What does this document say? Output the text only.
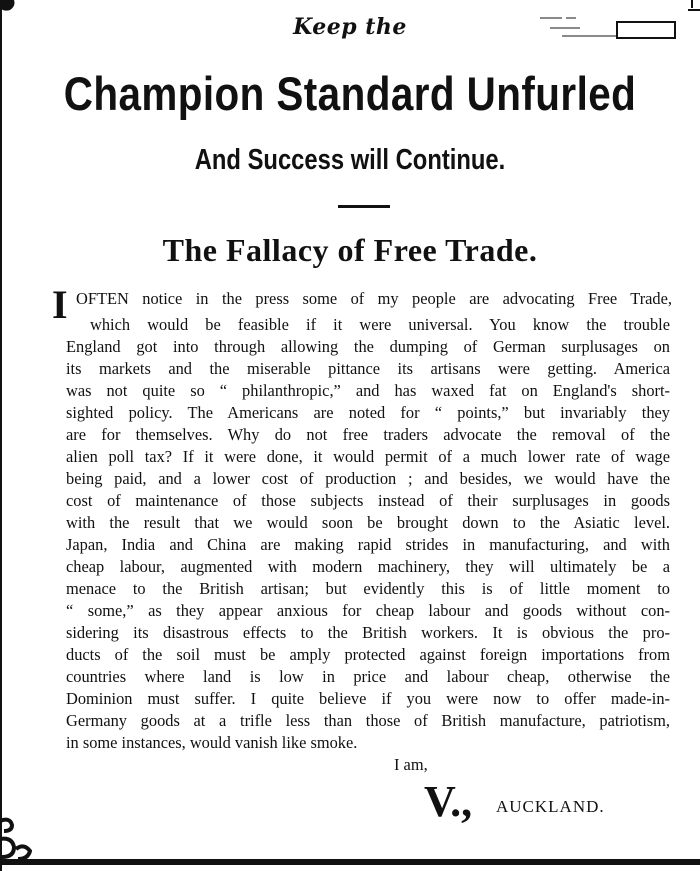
Keep the
Champion Standard Unfurled
And Success will Continue.
The Fallacy of Free Trade.
I OFTEN notice in the press some of my people are advocating Free Trade,
which would be feasible if it were universal. You know the trouble
England got into through allowing the dumping of German surplusages on
its markets and the miserable pittance its artisans were getting. America
was not quite so “ philanthropic,” and has waxed fat on England's short-
sighted policy. The Americans are noted for “ points,” but invariably they
are for themselves. Why do not free traders advocate the removal of the
alien poll tax? If it were done, it would permit of a much lower rate of wage
being paid, and a lower cost of production ; and besides, we would have the
cost of maintenance of those subjects instead of their surplusages in goods
with the result that we would soon be brought down to the Asiatic level.
Japan, India and China are making rapid strides in manufacturing, and with
cheap labour, augmented with modern machinery, they will ultimately be a
menace to the British artisan; but evidently this is of little moment to
“ some,” as they appear anxious for cheap labour and goods without con-
sidering its disastrous effects to the British workers. It is obvious the pro-
ducts of the soil must be amply protected against foreign importations from
countries where land is low in price and labour cheap, otherwise the
Dominion must suffer. I quite believe if you were now to offer made-in-
Germany goods at a trifle less than those of British manufacture, patriotism,
in some instances, would vanish like smoke.
I am,
V., AUCKLAND.
